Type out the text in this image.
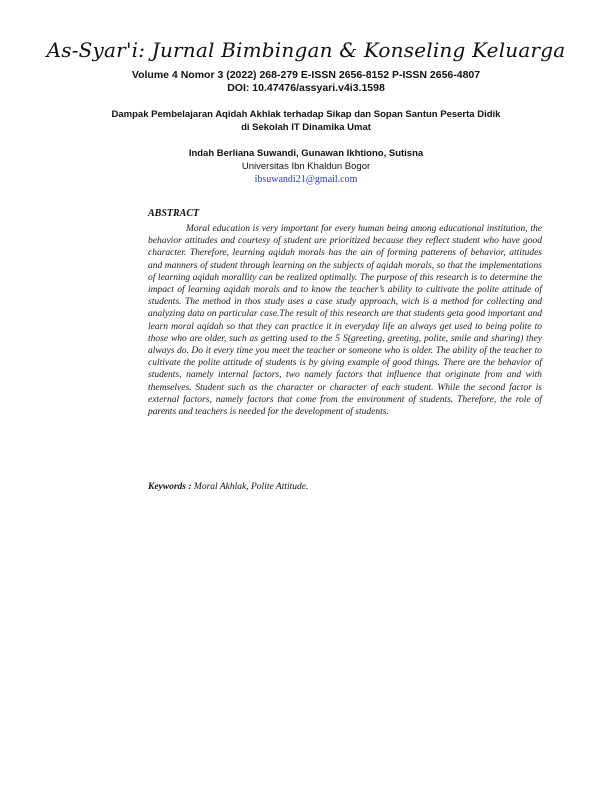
As-Syar'i: Jurnal Bimbingan & Konseling Keluarga
Volume 4 Nomor 3 (2022) 268-279 E-ISSN 2656-8152 P-ISSN 2656-4807
DOI: 10.47476/assyari.v4i3.1598
Dampak Pembelajaran Aqidah Akhlak terhadap Sikap dan Sopan Santun Peserta Didik di Sekolah IT Dinamika Umat
Indah Berliana Suwandi, Gunawan Ikhtiono, Sutisna
Universitas Ibn Khaldun Bogor
ibsuwandi21@gmail.com
ABSTRACT

Moral education is very important for every human being among educational institution, the behavior attitudes and courtesy of student are prioritized because they reflect student who have good character. Therefore, learning aqidah morals has the ain of forming patterens of behavior, attitudes and manners of student through learning on the subjects of aqidah morals, so that the implementations of learning aqidah morallity can be realized optimally. The purpose of this research is to determine the impact of learning aqidah morals and to know the teacher’s ability to cultivate the polite attitude of students. The method in thos study uses a case study approach, wich is a method for collecting and analyzing data on particular case.The result of this research are that students geta good important and learn moral aqidah so that they can practice it in everyday life an always get used to being polite to those who are older, such as getting used to the 5 S(greeting, greeting, polite, smile and sharing) they always do. Do it every time you meet the teacher or someone who is older. The ability of the teacher to cultivate the polite attitude of students is by giving example of good things. There are the behavior of students, namely internal factors, two namely factors that influence that originate from and with themselves. Student such as the character or character of each student. While the second factor is external factors, namely factors that come from the environment of students. Therefore, the role of parents and teachers is needed for the development of students.

Keywords : Moral Akhlak, Polite Attitude.
